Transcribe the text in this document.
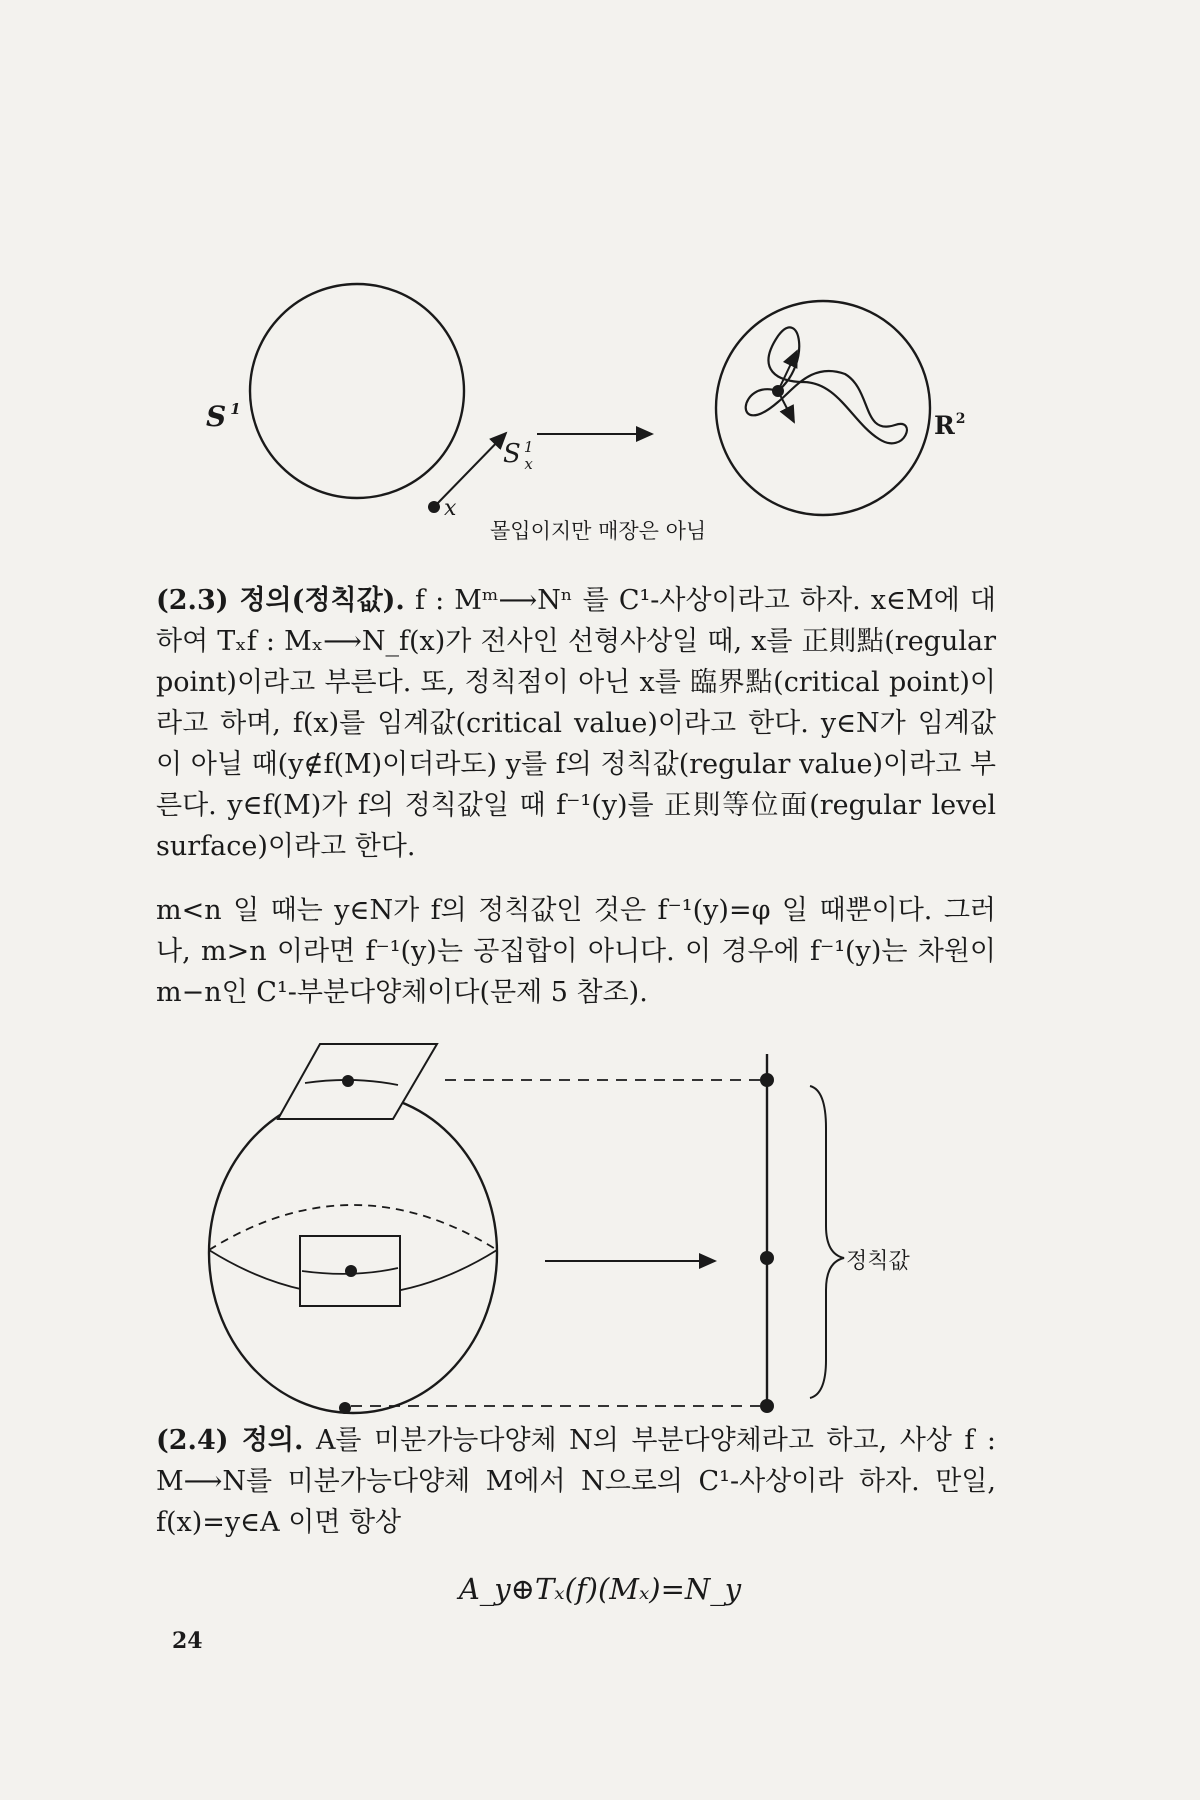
S $^1$
S $^1$ x
x
$R^2$
몰입이지만 매장은 아님

(2.3) 정의(정칙값). f : Mᵐ⟶Nⁿ 를 C¹-사상이라고 하자. x∈M에 대하여 Tₓf : Mₓ⟶N_f(x)가 전사인 선형사상일 때, x를 正則點(regular point)이라고 부른다. 또, 정칙점이 아닌 x를 臨界點(critical point)이라고 하며, f(x)를 임계값(critical value)이라고 한다. y∈N가 임계값이 아닐 때(y∉f(M)이더라도) y를 f의 정칙값(regular value)이라고 부른다. y∈f(M)가 f의 정칙값일 때 f⁻¹(y)를 正則等位面(regular level surface)이라고 한다.

m<n 일 때는 y∈N가 f의 정칙값인 것은 f⁻¹(y)=φ 일 때뿐이다. 그러나, m>n 이라면 f⁻¹(y)는 공집합이 아니다. 이 경우에 f⁻¹(y)는 차원이 m−n인 C¹-부분다양체이다(문제 5 참조).

정칙값

(2.4) 정의. A를 미분가능다양체 N의 부분다양체라고 하고, 사상 f : M⟶N를 미분가능다양체 M에서 N으로의 C¹-사상이라 하자. 만일, f(x)=y∈A 이면 항상

A_y⊕Tₓ(f)(Mₓ)=N_y

24
